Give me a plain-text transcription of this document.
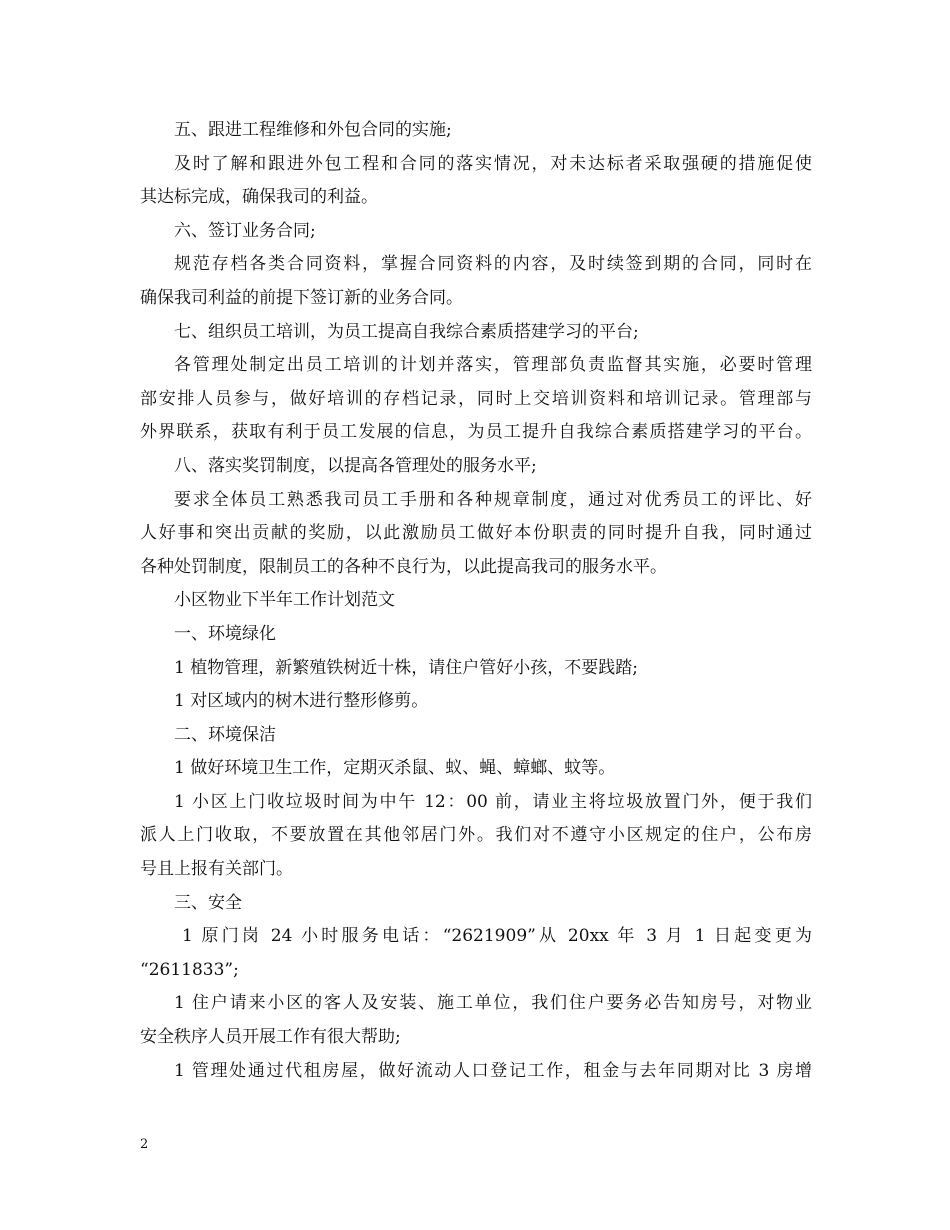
五、跟进工程维修和外包合同的实施;
及时了解和跟进外包工程和合同的落实情况，对未达标者采取强硬的措施促使
其达标完成，确保我司的利益。
六、签订业务合同;
规范存档各类合同资料，掌握合同资料的内容，及时续签到期的合同，同时在
确保我司利益的前提下签订新的业务合同。
七、组织员工培训，为员工提高自我综合素质搭建学习的平台;
各管理处制定出员工培训的计划并落实，管理部负责监督其实施，必要时管理
部安排人员参与，做好培训的存档记录，同时上交培训资料和培训记录。管理部与
外界联系，获取有利于员工发展的信息，为员工提升自我综合素质搭建学习的平台。
八、落实奖罚制度，以提高各管理处的服务水平;
要求全体员工熟悉我司员工手册和各种规章制度，通过对优秀员工的评比、好
人好事和突出贡献的奖励，以此激励员工做好本份职责的同时提升自我，同时通过
各种处罚制度，限制员工的各种不良行为，以此提高我司的服务水平。
小区物业下半年工作计划范文
一、环境绿化
1 植物管理，新繁殖铁树近十株，请住户管好小孩，不要践踏;
1 对区域内的树木进行整形修剪。
二、环境保洁
1 做好环境卫生工作，定期灭杀鼠、蚁、蝇、蟑螂、蚊等。
1 小区上门收垃圾时间为中午 12：00 前，请业主将垃圾放置门外，便于我们
派人上门收取，不要放置在其他邻居门外。我们对不遵守小区规定的住户，公布房
号且上报有关部门。
三、安全
1 原门岗 24 小时服务电话：“2621909”从 20xx 年 3 月 1 日起变更为
“2611833”;
1 住户请来小区的客人及安装、施工单位，我们住户要务必告知房号，对物业
安全秩序人员开展工作有很大帮助;
1 管理处通过代租房屋，做好流动人口登记工作，租金与去年同期对比 3 房增
2
